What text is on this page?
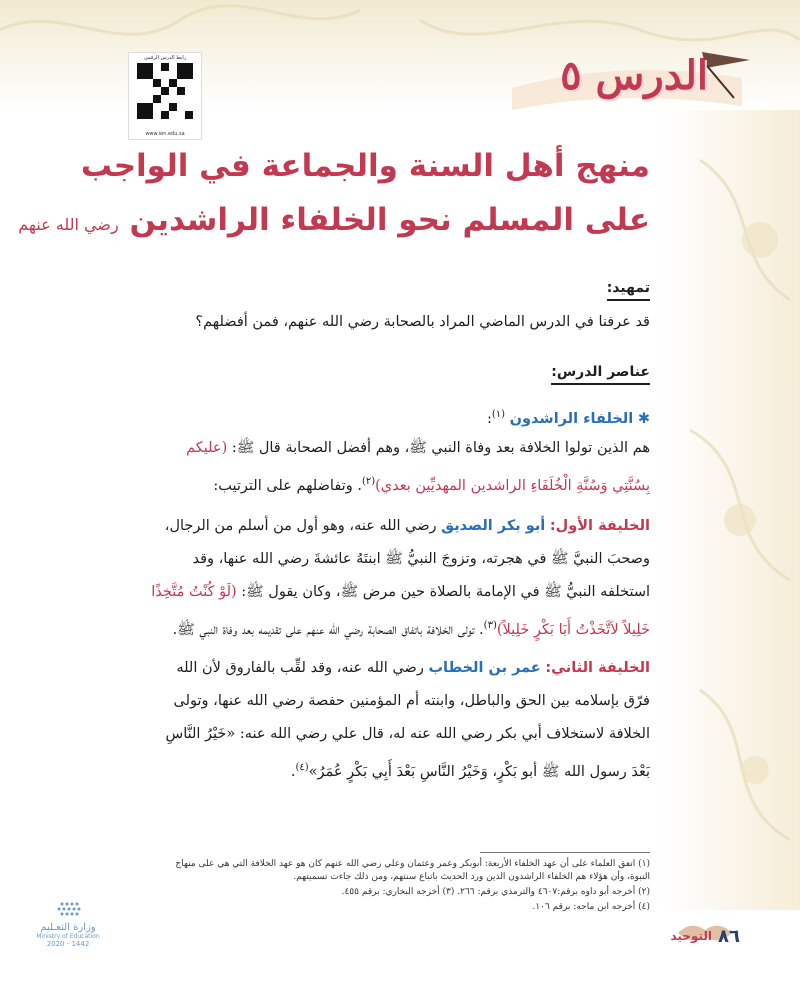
الدرس ٥
رابط الدرس الرقمي
www.ien.edu.sa
منهج أهل السنة والجماعة في الواجب
على المسلم نحو الخلفاء الراشدين رضي الله عنهم
تمهيد:
قد عرفنا في الدرس الماضي المراد بالصحابة رضي الله عنهم، فمن أفضلهم؟
عناصر الدرس:
✱ الخلفاء الراشدون $^{(١)}$:
هم الذين تولوا الخلافة بعد وفاة النبي ﷺ، وهم أفضل الصحابة قال ﷺ: (عليكم بِسُنَّتِي وَسُنَّةِ الْخُلَفَاءِ الراشدين المهديِّين بعدي)$^{(٢)}$. وتفاضلهم على الترتيب:
الخليفة الأول: أبو بكر الصديق رضي الله عنه، وهو أول من أسلم من الرجال، وصحبَ النبيَّ ﷺ في هجرته، وتزوجَ النبيُّ ﷺ ابنتَهُ عائشةَ رضي الله عنها، وقد استخلفه النبيُّ ﷺ في الإمامة بالصلاة حين مرض ﷺ، وكان يقول ﷺ: (لَوْ كُنْتُ مُتَّخِذًا خَلِيلاً لاَتَّخَذْتُ أَبَا بَكْرٍ خَلِيلاً)$^{(٣)}$. تولى الخلافة باتفاق الصحابة رضي الله عنهم على تقديمه بعد وفاة النبي ﷺ.
الخليفة الثاني: عمر بن الخطاب رضي الله عنه، وقد لقِّب بالفاروق لأن الله فرّق بإسلامه بين الحق والباطل، وابنته أم المؤمنين حفصة رضي الله عنها، وتولى الخلافة لاستخلاف أبي بكر رضي الله عنه له، قال علي رضي الله عنه: «خَيْرُ النَّاسِ بَعْدَ رسول الله ﷺ أبو بَكْرٍ، وَخَيْرُ النَّاسِ بَعْدَ أَبِي بَكْرٍ عُمَرُ»$^{(٤)}$.
(١) اتفق العلماء على أن عهد الخلفاء الأربعة: أبوبكر وعمر وعثمان وعلي رضي الله عنهم كان هو عهد الخلافة التي هي على منهاج النبوة، وأن هؤلاء هم الخلفاء الراشدون الذين ورد الحديث باتباع سنتهم، ومن ذلك جاءت تسميتهم.
(٢) أخرجه أبو داوه برقم:٤٦٠٧ والترمذي برقم: ٢٦٦. (٣) أخرجه البخاري: برقم ٤٥٥.
(٤) أخرجه ابن ماجه: برقم ١٠٦.
٨٦
التوحيد
وزارة التعـليم
Ministry of Education
2020 - 1442
